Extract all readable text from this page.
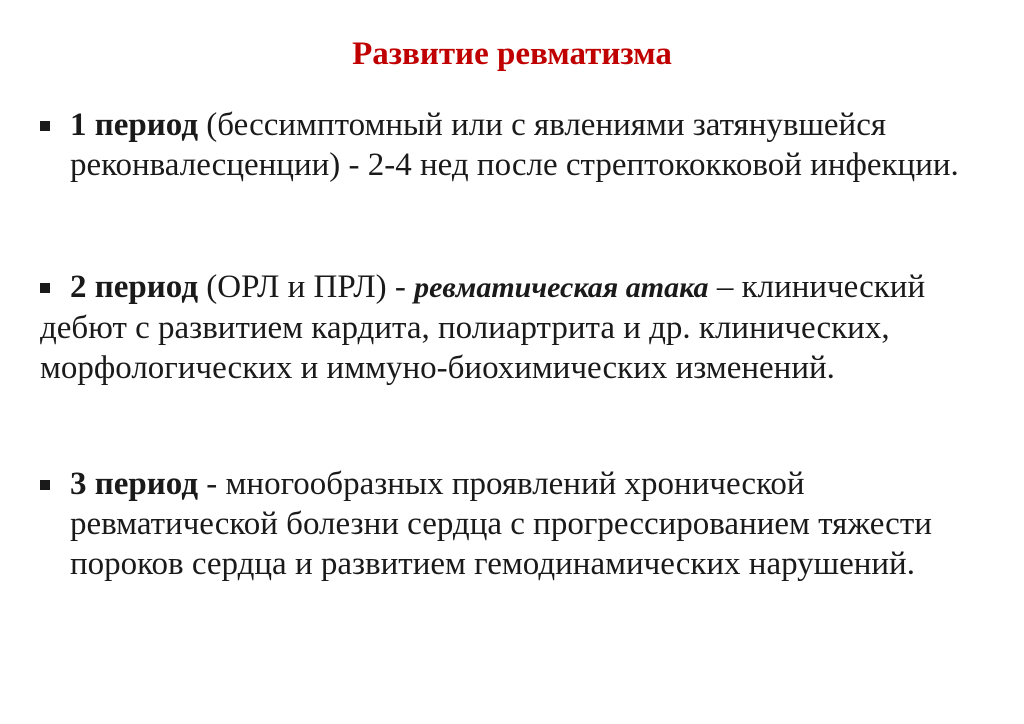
Развитие ревматизма

1 период (бессимптомный или с явлениями затянувшейся реконвалесценции) - 2-4 нед после стрептококковой инфекции.

2 период (ОРЛ и ПРЛ) - ревматическая атака – клинический дебют с развитием кардита, полиартрита и др. клинических, морфологических и иммуно-биохимических изменений.

3 период - многообразных проявлений хронической ревматической болезни сердца с прогрессированием тяжести пороков сердца и развитием гемодинамических нарушений.
